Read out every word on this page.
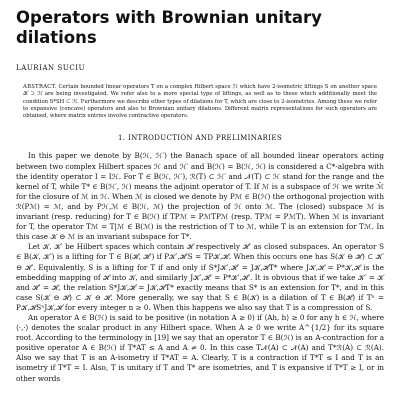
Operators with Brownian unitary dilations
LAURIAN SUCIU
ABSTRACT. Certain bounded linear operators T on a complex Hilbert space ℋ which have 2-isometric liftings S on another space 𝒦 ⊃ ℋ are being investigated. We refer also to a more special type of liftings, as well as to these which additionally meet the condition S*SH ⊂ ℋ. Furthermore we describe other types of dilations for T, which are close to 2-isometries. Among these we refer to expansive (concave) operators and also to Brownian unitary dilations. Different matrix representations for such operators are obtained, where matrix entries involve contractive operators.
1. INTRODUCTION AND PRELIMINARIES

In this paper we denote by B(ℋ, ℋ′) the Banach space of all bounded linear operators acting between two complex Hilbert spaces ℋ and ℋ′ and B(ℋ) = B(ℋ, ℋ) is considered a C*-algebra with the identity operator I = Iℋ. For T ∈ B(ℋ, ℋ′), ℛ(T) ⊂ ℋ′ and 𝒩(T) ⊂ ℋ stand for the range and the kernel of T, while T* ∈ B(ℋ′, ℋ) means the adjoint operator of T. If ℳ is a subspace of ℋ we write ℳ̄ for the closure of ℳ in ℋ. When ℳ is closed we denote by Pℳ ∈ B(ℋ) the orthogonal projection with ℛ(Pℳ) = ℳ, and by Pℋ,ℳ ∈ B(ℋ, ℳ) the projection of ℋ onto ℳ. The (closed) subspace ℳ is invariant (resp. reducing) for T ∈ B(ℋ) if TPℳ = PℳTPℳ (resp. TPℳ = PℳT). When ℳ is invariant for T, the operator Tℳ = T|ℳ ∈ B(ℳ) is the restriction of T to ℳ, while T is an extension for Tℳ. In this case 𝒦 ⊖ ℳ is an invariant subspace for T*.

Let 𝒦, 𝒦′ be Hilbert spaces which contain ℋ respectively ℋ′ as closed subspaces. An operator S ∈ B(𝒦, 𝒦′) is a lifting for T ∈ B(ℋ, ℋ′) if P𝒦′,ℋ′S = TP𝒦,ℋ. When this occurs one has S(𝒦 ⊖ ℋ) ⊂ 𝒦′ ⊖ ℋ′. Equivalently, S is a lifting for T if and only if S*J𝒦′,ℋ′ = J𝒦,ℋT* where J𝒦,ℋ = P*𝒦,ℋ is the embedding mapping of ℋ into 𝒦, and similarly J𝒦′,ℋ′ = P*𝒦′,ℋ′. It is obvious that if we take 𝒦′ = 𝒦 and ℋ′ = ℋ, the relation S*J𝒦,ℋ = J𝒦,ℋT* exactly means that S* is an extension for T*, and in this case S(𝒦 ⊖ ℋ) ⊂ 𝒦 ⊖ ℋ. More generally, we say that S ∈ B(𝒦) is a dilation of T ∈ B(ℋ) if Tⁿ = P𝒦,ℋSⁿJ𝒦,ℋ for every integer n ≥ 0. When this happens we also say that T is a compression of S.

An operator A ∈ B(ℋ) is said to be positive (in notation A ≥ 0) if ⟨Ah, h⟩ ≥ 0 for any h ∈ ℋ, where ⟨·,·⟩ denotes the scalar product in any Hilbert space. When A ≥ 0 we write A^{1/2} for its square root. According to the terminology in [19] we say that an operator T ∈ B(ℋ) is an A-contraction for a positive operator A ∈ B(ℋ) if T*AT ≤ A and A ≠ 0. In this case T𝒩(A) ⊂ 𝒩(A) and T*ℛ(A) ⊂ ℛ(A). Also we say that T is an A-isometry if T*AT = A. Clearly, T is a contraction if T*T ≤ I and T is an isometry if T*T = I. Also, T is unitary if T and T* are isometries, and T is expansive if T*T ≥ I, or in other words
